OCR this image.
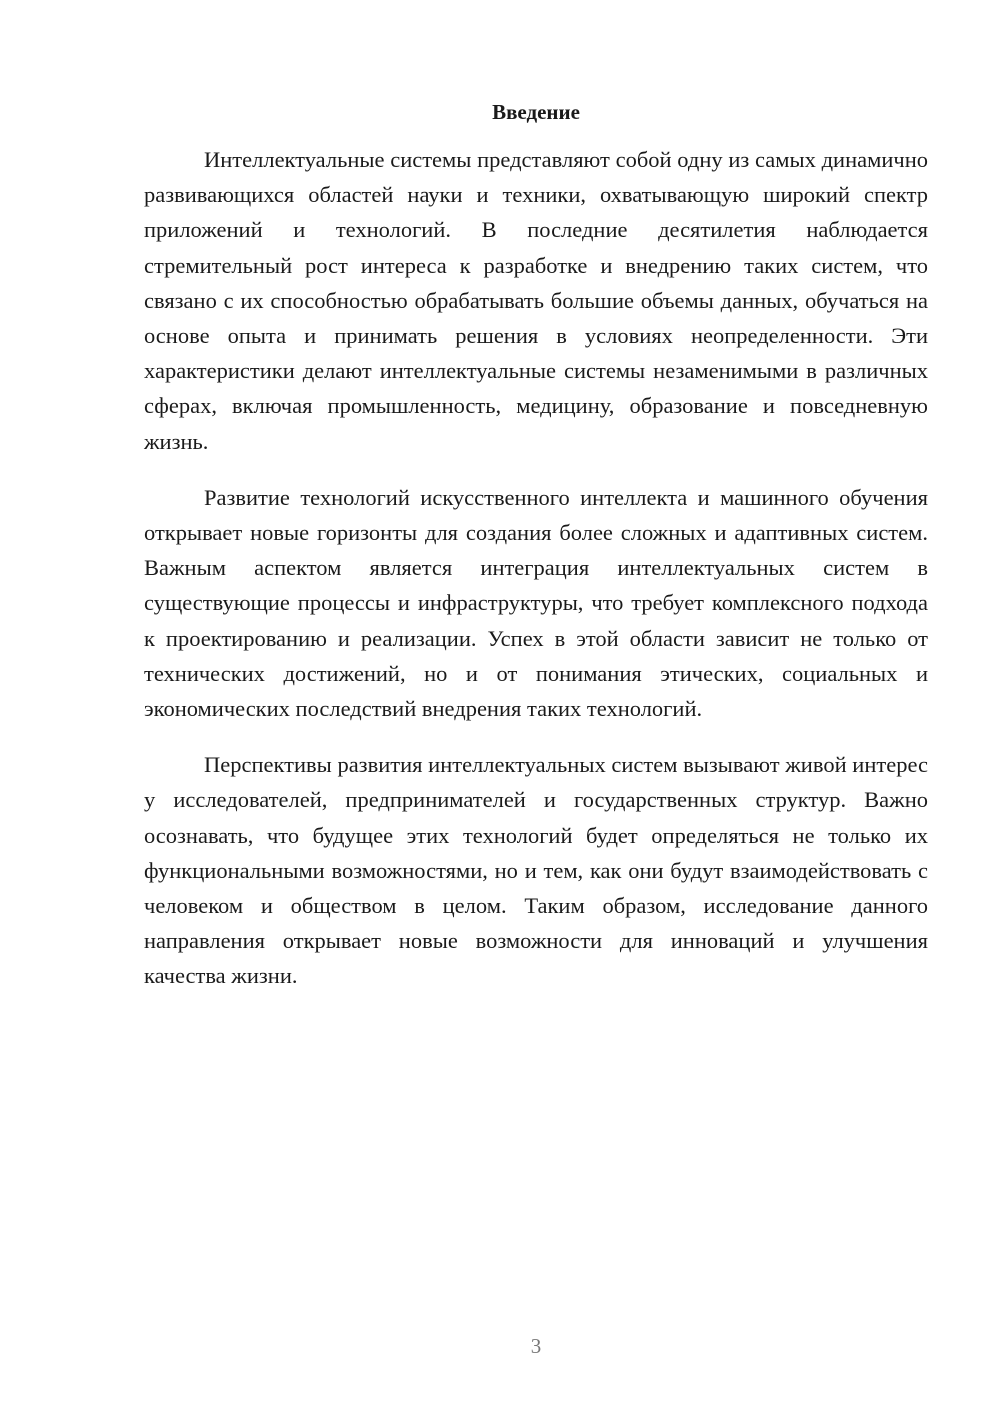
Введение

Интеллектуальные системы представляют собой одну из самых динамично развивающихся областей науки и техники, охватывающую широкий спектр приложений и технологий. В последние десятилетия наблюдается стремительный рост интереса к разработке и внедрению таких систем, что связано с их способностью обрабатывать большие объемы данных, обучаться на основе опыта и принимать решения в условиях неопределенности. Эти характеристики делают интеллектуальные системы незаменимыми в различных сферах, включая промышленность, медицину, образование и повседневную жизнь.

Развитие технологий искусственного интеллекта и машинного обучения открывает новые горизонты для создания более сложных и адаптивных систем. Важным аспектом является интеграция интеллектуальных систем в существующие процессы и инфраструктуры, что требует комплексного подхода к проектированию и реализации. Успех в этой области зависит не только от технических достижений, но и от понимания этических, социальных и экономических последствий внедрения таких технологий.

Перспективы развития интеллектуальных систем вызывают живой интерес у исследователей, предпринимателей и государственных структур. Важно осознавать, что будущее этих технологий будет определяться не только их функциональными возможностями, но и тем, как они будут взаимодействовать с человеком и обществом в целом. Таким образом, исследование данного направления открывает новые возможности для инноваций и улучшения качества жизни.

3
